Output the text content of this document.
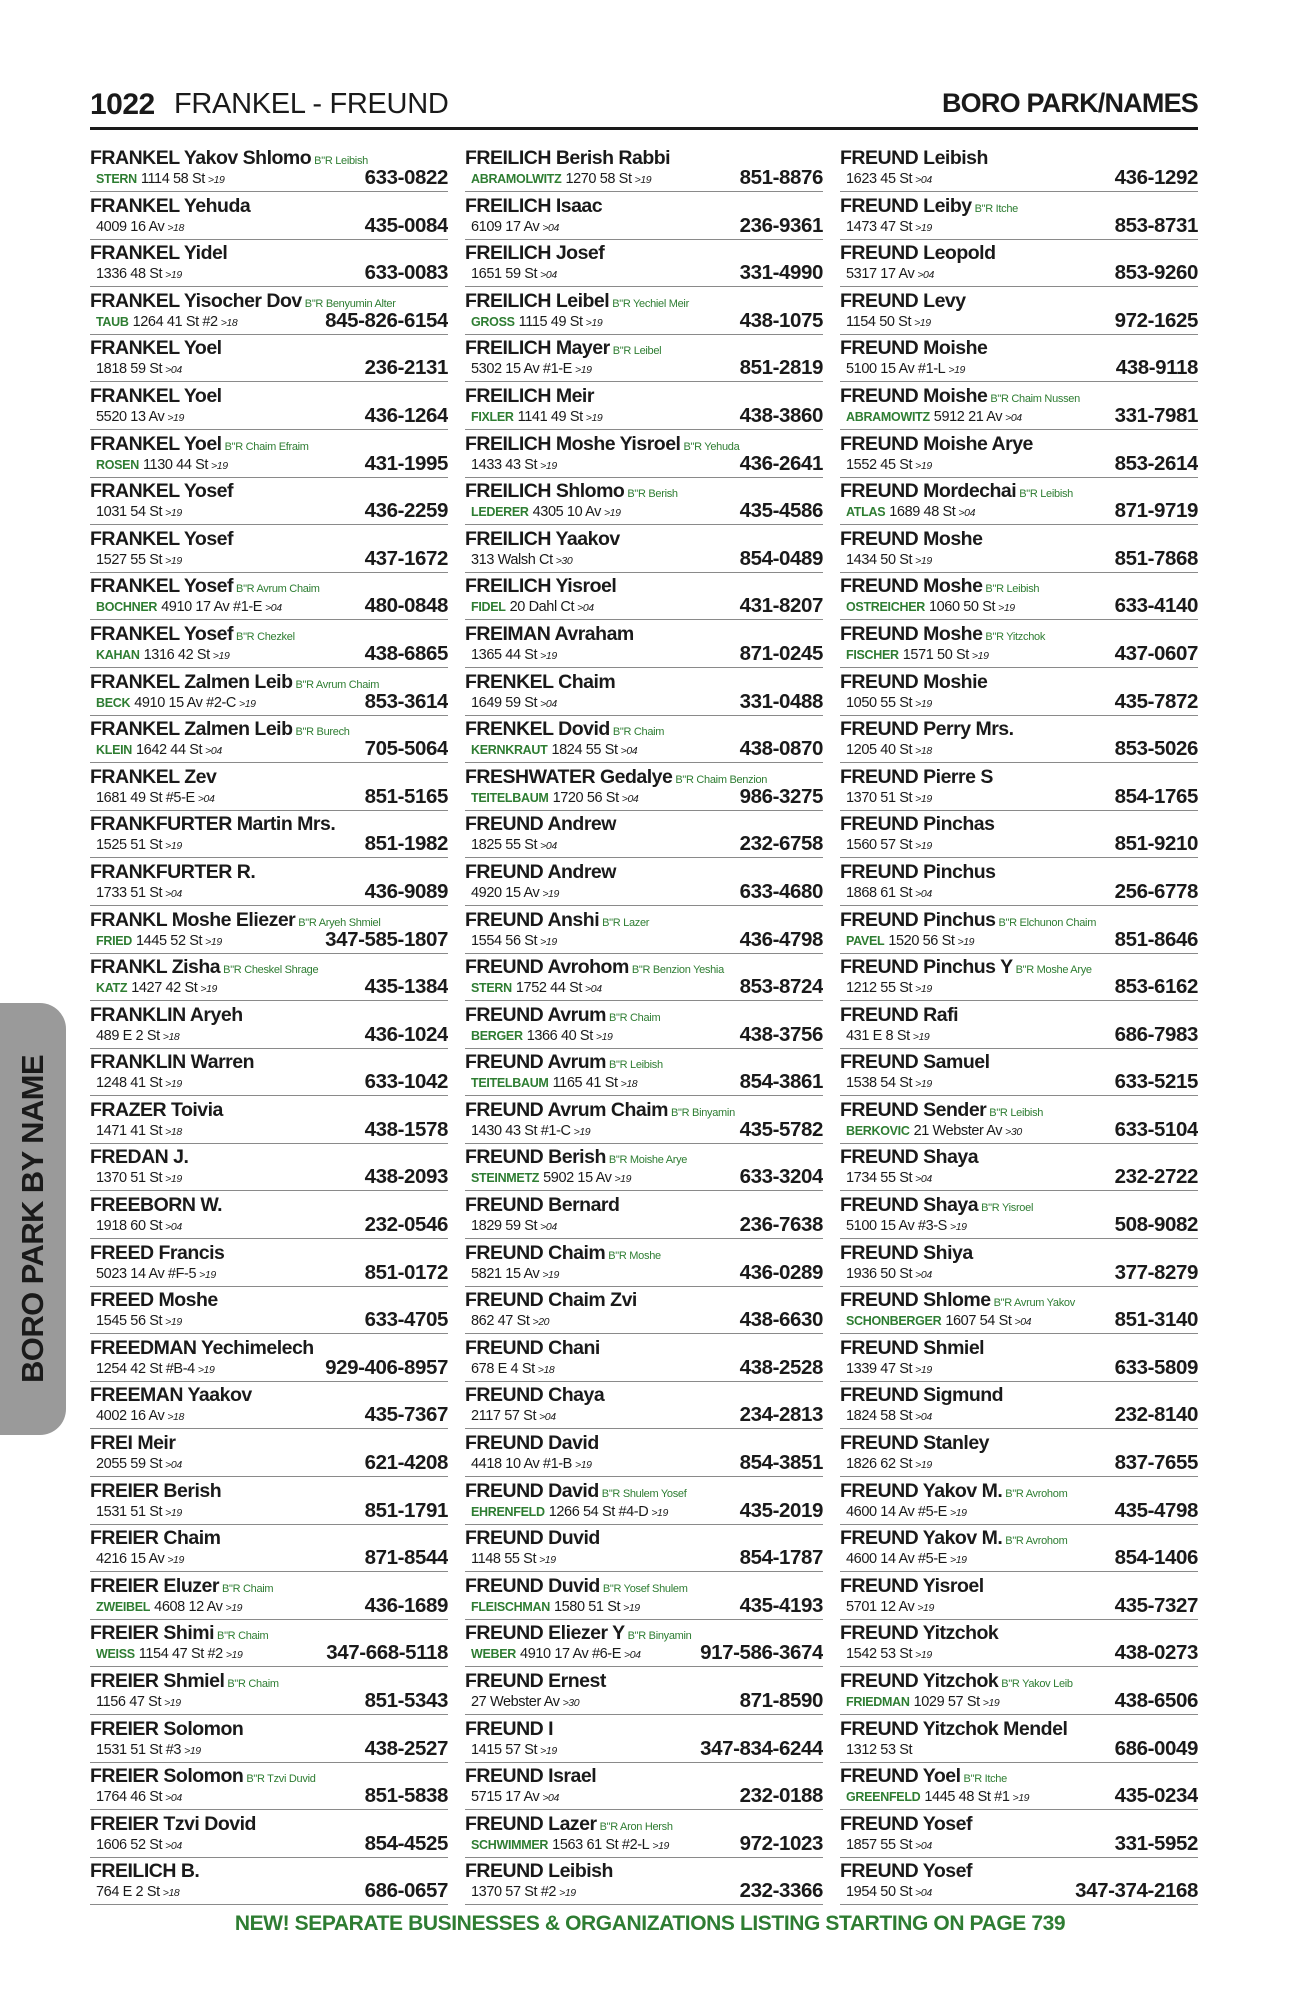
1022 FRANKEL - FREUND	BORO PARK/NAMES
BORO PARK BY NAME
FRANKEL Yakov Shlomo B"R Leibish
STERN 1114 58 St >19	633-0822
FRANKEL Yehuda
4009 16 Av >18	435-0084
FRANKEL Yidel
1336 48 St >19	633-0083
FRANKEL Yisocher Dov B"R Benyumin Alter
TAUB 1264 41 St #2 >18	845-826-6154
FRANKEL Yoel
1818 59 St >04	236-2131
FRANKEL Yoel
5520 13 Av >19	436-1264
FRANKEL Yoel B"R Chaim Efraim
ROSEN 1130 44 St >19	431-1995
FRANKEL Yosef
1031 54 St >19	436-2259
FRANKEL Yosef
1527 55 St >19	437-1672
FRANKEL Yosef B"R Avrum Chaim
BOCHNER 4910 17 Av #1-E >04	480-0848
FRANKEL Yosef B"R Chezkel
KAHAN 1316 42 St >19	438-6865
FRANKEL Zalmen Leib B"R Avrum Chaim
BECK 4910 15 Av #2-C >19	853-3614
FRANKEL Zalmen Leib B"R Burech
KLEIN 1642 44 St >04	705-5064
FRANKEL Zev
1681 49 St #5-E >04	851-5165
FRANKFURTER Martin Mrs.
1525 51 St >19	851-1982
FRANKFURTER R.
1733 51 St >04	436-9089
FRANKL Moshe Eliezer B"R Aryeh Shmiel
FRIED 1445 52 St >19	347-585-1807
FRANKL Zisha B"R Cheskel Shrage
KATZ 1427 42 St >19	435-1384
FRANKLIN Aryeh
489 E 2 St >18	436-1024
FRANKLIN Warren
1248 41 St >19	633-1042
FRAZER Toivia
1471 41 St >18	438-1578
FREDAN J.
1370 51 St >19	438-2093
FREEBORN W.
1918 60 St >04	232-0546
FREED Francis
5023 14 Av #F-5 >19	851-0172
FREED Moshe
1545 56 St >19	633-4705
FREEDMAN Yechimelech
1254 42 St #B-4 >19	929-406-8957
FREEMAN Yaakov
4002 16 Av >18	435-7367
FREI Meir
2055 59 St >04	621-4208
FREIER Berish
1531 51 St >19	851-1791
FREIER Chaim
4216 15 Av >19	871-8544
FREIER Eluzer B"R Chaim
ZWEIBEL 4608 12 Av >19	436-1689
FREIER Shimi B"R Chaim
WEISS 1154 47 St #2 >19	347-668-5118
FREIER Shmiel B"R Chaim
1156 47 St >19	851-5343
FREIER Solomon
1531 51 St #3 >19	438-2527
FREIER Solomon B"R Tzvi Duvid
1764 46 St >04	851-5838
FREIER Tzvi Dovid
1606 52 St >04	854-4525
FREILICH B.
764 E 2 St >18	686-0657
FREILICH Berish Rabbi
ABRAMOLWITZ 1270 58 St >19	851-8876
FREILICH Isaac
6109 17 Av >04	236-9361
FREILICH Josef
1651 59 St >04	331-4990
FREILICH Leibel B"R Yechiel Meir
GROSS 1115 49 St >19	438-1075
FREILICH Mayer B"R Leibel
5302 15 Av #1-E >19	851-2819
FREILICH Meir
FIXLER 1141 49 St >19	438-3860
FREILICH Moshe Yisroel B"R Yehuda
1433 43 St >19	436-2641
FREILICH Shlomo B"R Berish
LEDERER 4305 10 Av >19	435-4586
FREILICH Yaakov
313 Walsh Ct >30	854-0489
FREILICH Yisroel
FIDEL 20 Dahl Ct >04	431-8207
FREIMAN Avraham
1365 44 St >19	871-0245
FRENKEL Chaim
1649 59 St >04	331-0488
FRENKEL Dovid B"R Chaim
KERNKRAUT 1824 55 St >04	438-0870
FRESHWATER Gedalye B"R Chaim Benzion
TEITELBAUM 1720 56 St >04	986-3275
FREUND Andrew
1825 55 St >04	232-6758
FREUND Andrew
4920 15 Av >19	633-4680
FREUND Anshi B"R Lazer
1554 56 St >19	436-4798
FREUND Avrohom B"R Benzion Yeshia
STERN 1752 44 St >04	853-8724
FREUND Avrum B"R Chaim
BERGER 1366 40 St >19	438-3756
FREUND Avrum B"R Leibish
TEITELBAUM 1165 41 St >18	854-3861
FREUND Avrum Chaim B"R Binyamin
1430 43 St #1-C >19	435-5782
FREUND Berish B"R Moishe Arye
STEINMETZ 5902 15 Av >19	633-3204
FREUND Bernard
1829 59 St >04	236-7638
FREUND Chaim B"R Moshe
5821 15 Av >19	436-0289
FREUND Chaim Zvi
862 47 St >20	438-6630
FREUND Chani
678 E 4 St >18	438-2528
FREUND Chaya
2117 57 St >04	234-2813
FREUND David
4418 10 Av #1-B >19	854-3851
FREUND David B"R Shulem Yosef
EHRENFELD 1266 54 St #4-D >19	435-2019
FREUND Duvid
1148 55 St >19	854-1787
FREUND Duvid B"R Yosef Shulem
FLEISCHMAN 1580 51 St >19	435-4193
FREUND Eliezer Y B"R Binyamin
WEBER 4910 17 Av #6-E >04	917-586-3674
FREUND Ernest
27 Webster Av >30	871-8590
FREUND I
1415 57 St >19	347-834-6244
FREUND Israel
5715 17 Av >04	232-0188
FREUND Lazer B"R Aron Hersh
SCHWIMMER 1563 61 St #2-L >19	972-1023
FREUND Leibish
1370 57 St #2 >19	232-3366
FREUND Leibish
1623 45 St >04	436-1292
FREUND Leiby B"R Itche
1473 47 St >19	853-8731
FREUND Leopold
5317 17 Av >04	853-9260
FREUND Levy
1154 50 St >19	972-1625
FREUND Moishe
5100 15 Av #1-L >19	438-9118
FREUND Moishe B"R Chaim Nussen
ABRAMOWITZ 5912 21 Av >04	331-7981
FREUND Moishe Arye
1552 45 St >19	853-2614
FREUND Mordechai B"R Leibish
ATLAS 1689 48 St >04	871-9719
FREUND Moshe
1434 50 St >19	851-7868
FREUND Moshe B"R Leibish
OSTREICHER 1060 50 St >19	633-4140
FREUND Moshe B"R Yitzchok
FISCHER 1571 50 St >19	437-0607
FREUND Moshie
1050 55 St >19	435-7872
FREUND Perry Mrs.
1205 40 St >18	853-5026
FREUND Pierre S
1370 51 St >19	854-1765
FREUND Pinchas
1560 57 St >19	851-9210
FREUND Pinchus
1868 61 St >04	256-6778
FREUND Pinchus B"R Elchunon Chaim
PAVEL 1520 56 St >19	851-8646
FREUND Pinchus Y B"R Moshe Arye
1212 55 St >19	853-6162
FREUND Rafi
431 E 8 St >19	686-7983
FREUND Samuel
1538 54 St >19	633-5215
FREUND Sender B"R Leibish
BERKOVIC 21 Webster Av >30	633-5104
FREUND Shaya
1734 55 St >04	232-2722
FREUND Shaya B"R Yisroel
5100 15 Av #3-S >19	508-9082
FREUND Shiya
1936 50 St >04	377-8279
FREUND Shlome B"R Avrum Yakov
SCHONBERGER 1607 54 St >04	851-3140
FREUND Shmiel
1339 47 St >19	633-5809
FREUND Sigmund
1824 58 St >04	232-8140
FREUND Stanley
1826 62 St >19	837-7655
FREUND Yakov M. B"R Avrohom
4600 14 Av #5-E >19	435-4798
FREUND Yakov M. B"R Avrohom
4600 14 Av #5-E >19	854-1406
FREUND Yisroel
5701 12 Av >19	435-7327
FREUND Yitzchok
1542 53 St >19	438-0273
FREUND Yitzchok B"R Yakov Leib
FRIEDMAN 1029 57 St >19	438-6506
FREUND Yitzchok Mendel
1312 53 St	686-0049
FREUND Yoel B"R Itche
GREENFELD 1445 48 St #1 >19	435-0234
FREUND Yosef
1857 55 St >04	331-5952
FREUND Yosef
1954 50 St >04	347-374-2168
NEW! SEPARATE BUSINESSES & ORGANIZATIONS LISTING STARTING ON PAGE 739
